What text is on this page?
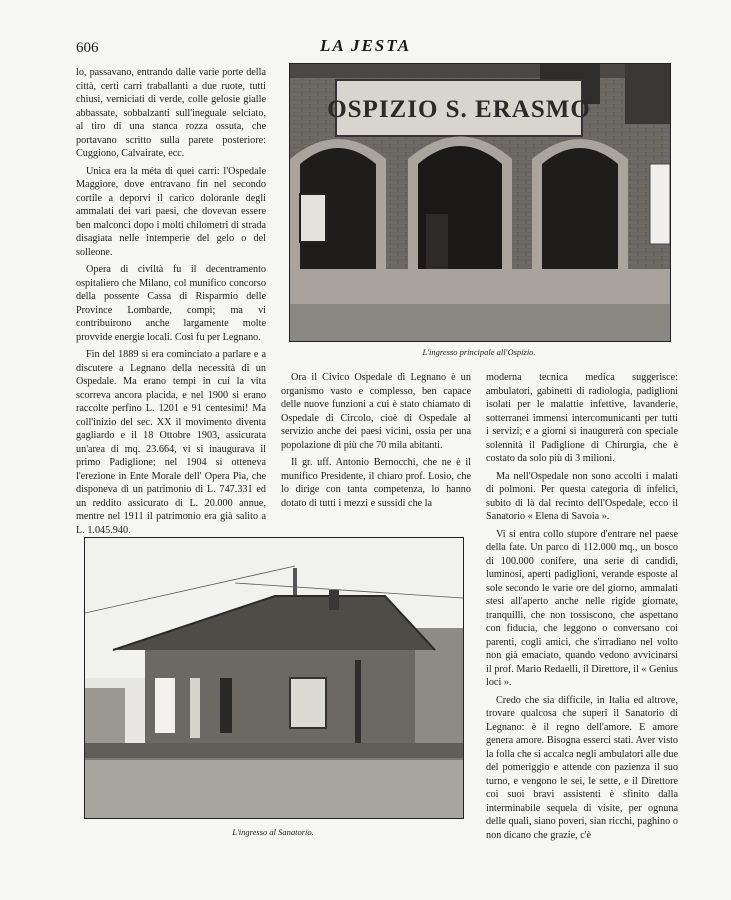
606	LA JESTA

lo, passavano, entrando dalle varie porte della città, certi carri traballanti a due ruote, tutti chiusi, verniciati di verde, colle gelosie gialle abbassate, sobbalzanti sull'ineguale selciato, al tiro di una stanca rozza ossuta, che portavano scritto sulla parete posteriore: Cuggiono, Calvairate, ecc.

Unica era la méta di quei carri: l'Ospedale Maggiore, dove entravano fin nel secondo cortile a deporvi il carico doloranle degli ammalati dei vari paesi, che dovevan essere ben malconci dopo i molti chilometri di strada disagiata nelle intemperie del gelo o del solleone.

Opera di civiltà fu il decentramento ospitaliero che Milano, col munifico concorso della possente Cassa di Risparmio delle Province Lombarde, compì; ma vi contribuirono anche largamente molte provvide energie locali. Così fu per Legnano.

Fin del 1889 si era cominciato a parlare e a discutere a Legnano della necessità di un Ospedale. Ma erano tempi in cui la vita scorreva ancora placida, e nel 1900 si erano raccolte perfino L. 1201 e 91 centesimi! Ma coll'inizio del sec. XX il movimento diventa gagliardo e il 18 Ottobre 1903, assicurata un'area di mq. 23.664, vi si inaugurava il primo Padiglione; nel 1904 si otteneva l'erezione in Ente Morale dell' Opera Pia, che disponeva di un patrimonio di L. 747.331 ed un reddito assicurato di L. 20.000 annue, mentre nel 1911 il patrimonio era già salito a L. 1.045.940.

OSPIZIO S. ERASMO
L'ingresso principale all'Ospizio.

Ora il Civico Ospedale di Legnano è un organismo vasto e complesso, ben capace delle nuove funzioni a cui è stato chiamato di Ospedale di Circolo, cioè di Ospedale al servizio anche dei paesi vicini, ossia per una popolazione di più che 70 mila abitanti.

Il gr. uff. Antonio Bernocchi, che ne è il munifico Presidente, il chiaro prof. Losio, che lo dirige con tanta competenza, lo hanno dotato di tutti i mezzi e sussidi che la

moderna tecnica medica suggerisce: ambulatori, gabinetti di radiologia, padiglioni isolati per le malattie infettive, lavanderie, sotterranei immensi intercomunicanti per tutti i servizi; e a giorni si inaugurerà con speciale solennità il Padiglione di Chirurgia, che è costato da solo più di 3 milioni.

Ma nell'Ospedale non sono accolti i malati di polmoni. Per questa categoria di infelici, subito di là dal recinto dell'Ospedale, ecco il Sanatorio « Elena di Savoia ».

Vi si entra collo stupore d'entrare nel paese della fate. Un parco di 112.000 mq., un bosco di 100.000 conifere, una serie di candidi, luminosi, aperti padiglioni, verande esposte al sole secondo le varie ore del giorno, ammalati stesi all'aperto anche nelle rigide giornate, tranquilli, che non tossiscono, che aspettano con fiducia, che leggono o conversano coi parenti, cogli amici, che s'irradiano nel volto non già emaciato, quando vedono avvicinarsi il prof. Mario Redaelli, il Direttore, il « Genius loci ».

Credo che sia difficile, in Italia ed altrove, trovare qualcosa che superi il Sanatorio di Legnano: è il regno dell'amore. E amore genera amore. Bisogna esserci stati. Aver visto la folla che si accalca negli ambulatori alle due del pomeriggio e attende con pazienza il suo turno, e vengono le sei, le sette, e il Direttore coi suoi bravi assistenti è sfinito dalla interminabile sequela di visite, per ognuna delle quali, siano poveri, sian ricchi, paghino o non dicano che grazie, c'è

L'ingresso al Sanatorio.
